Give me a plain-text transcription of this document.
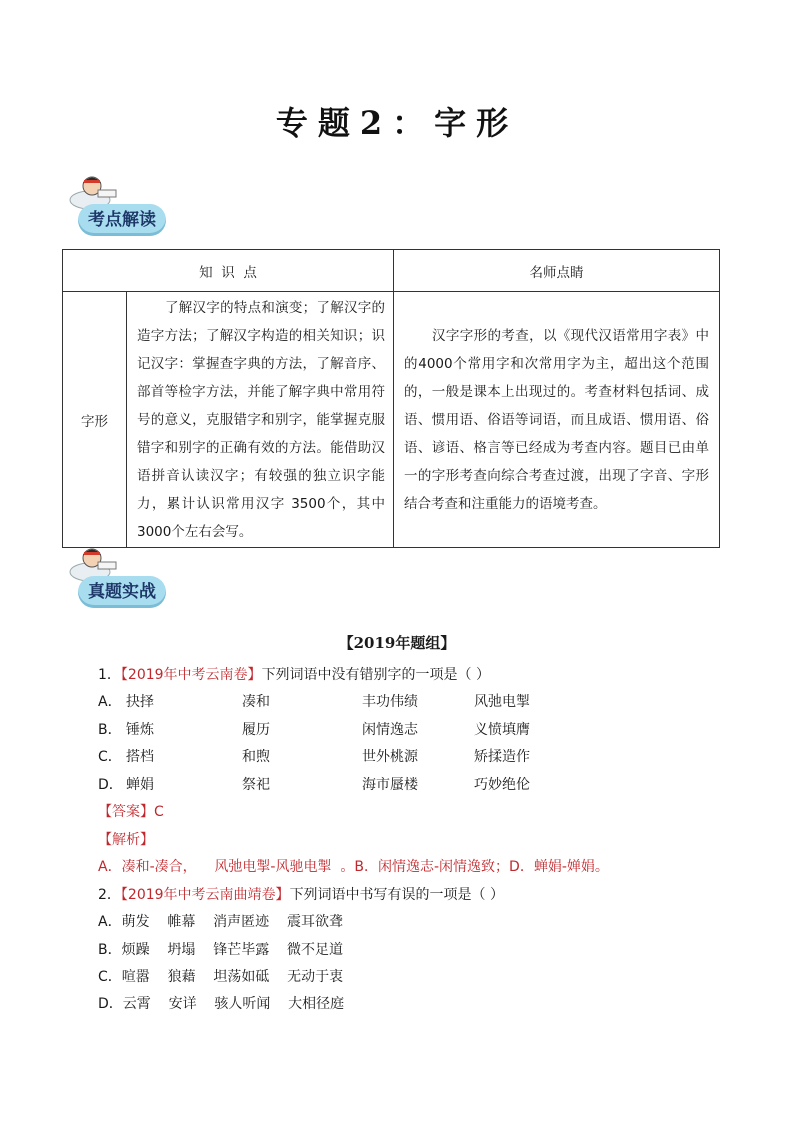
专题2：字形
考点解读
知  识  点		名师点睛
字形	了解汉字的特点和演变；了解汉字的造字方法；了解汉字构造的相关知识；识记汉字：掌握查字典的方法，了解音序、部首等检字方法，并能了解字典中常用符号的意义，克服错字和别字，能掌握克服错字和别字的正确有效的方法。能借助汉语拼音认读汉字；有较强的独立识字能力，累计认识常用汉字 3500个，其中 3000个左右会写。	汉字字形的考查，以《现代汉语常用字表》中的4000个常用字和次常用字为主，超出这个范围的，一般是课本上出现过的。考查材料包括词、成语、惯用语、俗语等词语，而且成语、惯用语、俗语、谚语、格言等已经成为考查内容。题目已由单一的字形考查向综合考查过渡，出现了字音、字形结合考查和注重能力的语境考查。
真题实战
【2019年题组】
1．【2019年中考云南卷】下列词语中没有错别字的一项是（ ）
A． 抉择	凑和	丰功伟绩	风弛电掣
B． 锤炼	履历	闲情逸志	义愤填膺
C． 搭档	和煦	世外桃源	矫揉造作
D． 蝉娟	祭祀	海市蜃楼	巧妙绝伦
【答案】C
【解析】
A．凑和-凑合，    风弛电掣-风驰电掣  。B．闲情逸志-闲情逸致；D．蝉娟-婵娟。
2．【2019年中考云南曲靖卷】下列词语中书写有误的一项是（ ）
A．萌发    帷幕    消声匿迹    震耳欲聋
B．烦躁    坍塌    锋芒毕露    微不足道
C．喧嚣    狼藉    坦荡如砥    无动于衷
D．云霄    安详    骇人听闻    大相径庭
